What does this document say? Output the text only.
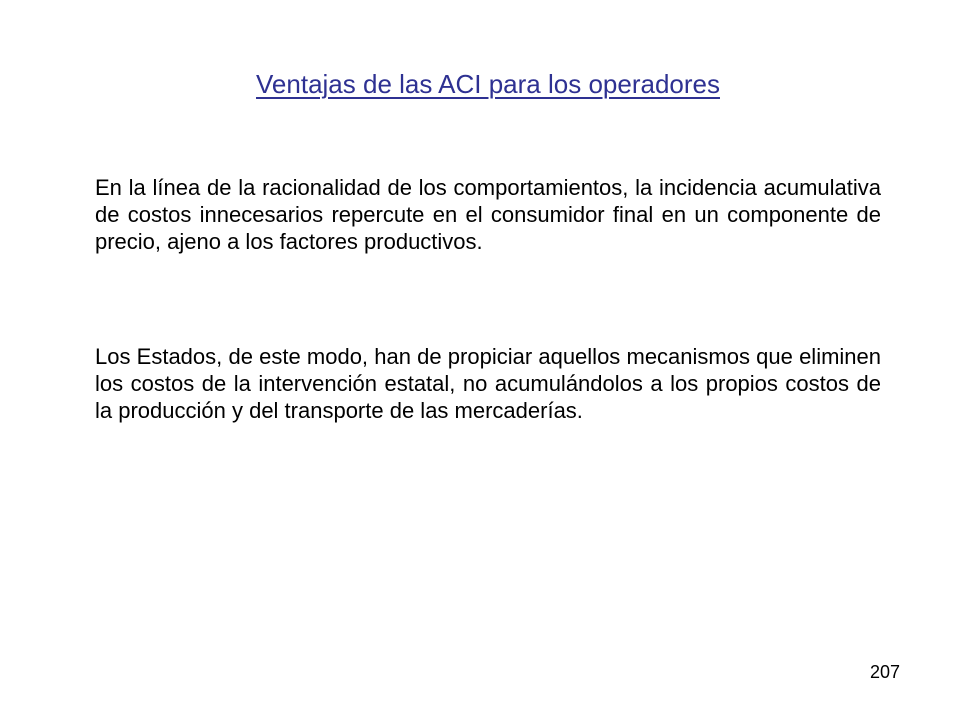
Ventajas de las ACI para los operadores

En la línea de la racionalidad de los comportamientos, la incidencia acumulativa de costos innecesarios repercute en el consumidor final en un componente de precio, ajeno a los factores productivos.

Los Estados, de este modo, han de propiciar aquellos mecanismos que eliminen los costos de la intervención estatal, no acumulándolos a los propios costos de la producción y del transporte de las mercaderías.

207
